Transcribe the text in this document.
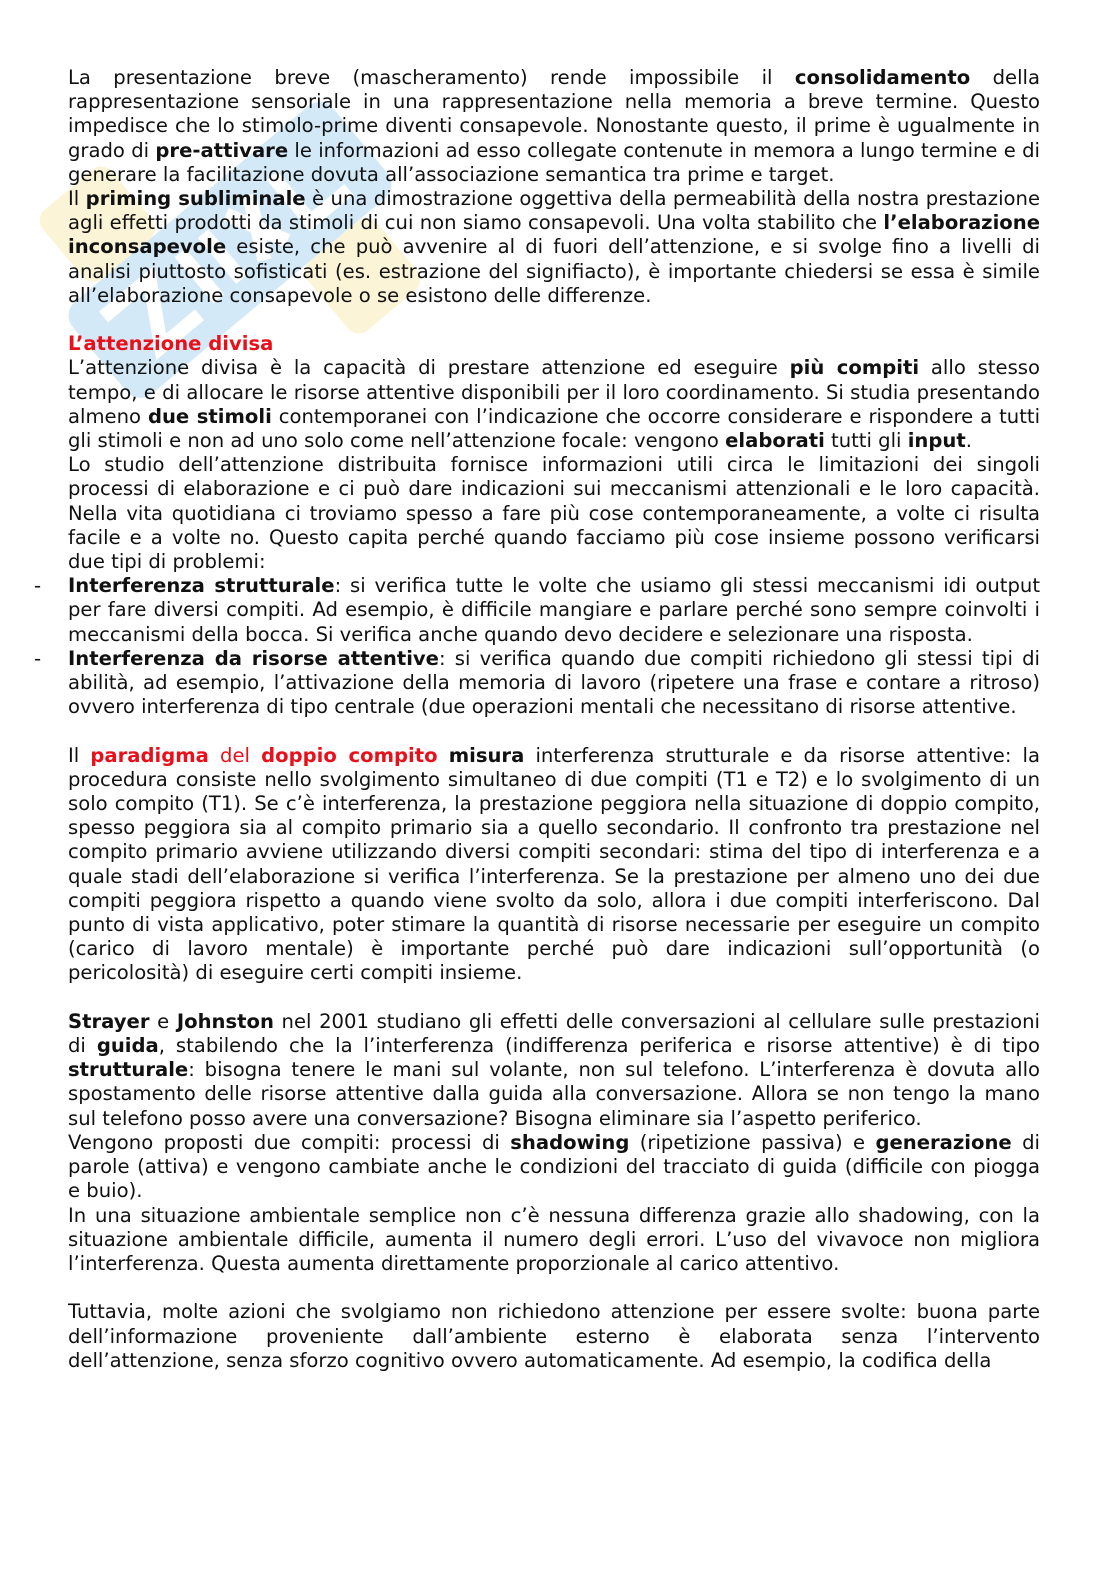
La presentazione breve (mascheramento) rende impossibile il consolidamento della rappresentazione sensoriale in una rappresentazione nella memoria a breve termine. Questo impedisce che lo stimolo-prime diventi consapevole. Nonostante questo, il prime è ugualmente in grado di pre-attivare le informazioni ad esso collegate contenute in memora a lungo termine e di generare la facilitazione dovuta all’associazione semantica tra prime e target.

Il priming subliminale è una dimostrazione oggettiva della permeabilità della nostra prestazione agli effetti prodotti da stimoli di cui non siamo consapevoli. Una volta stabilito che l’elaborazione inconsapevole esiste, che può avvenire al di fuori dell’attenzione, e si svolge fino a livelli di analisi piuttosto sofisticati (es. estrazione del signifiacto), è importante chiedersi se essa è simile all’elaborazione consapevole o se esistono delle differenze.

L’attenzione divisa

L’attenzione divisa è la capacità di prestare attenzione ed eseguire più compiti allo stesso tempo, e di allocare le risorse attentive disponibili per il loro coordinamento. Si studia presentando almeno due stimoli contemporanei con l’indicazione che occorre considerare e rispondere a tutti gli stimoli e non ad uno solo come nell’attenzione focale: vengono elaborati tutti gli input.

Lo studio dell’attenzione distribuita fornisce informazioni utili circa le limitazioni dei singoli processi di elaborazione e ci può dare indicazioni sui meccanismi attenzionali e le loro capacità. Nella vita quotidiana ci troviamo spesso a fare più cose contemporaneamente, a volte ci risulta facile e a volte no. Questo capita perché quando facciamo più cose insieme possono verificarsi due tipi di problemi:

- Interferenza strutturale: si verifica tutte le volte che usiamo gli stessi meccanismi idi output per fare diversi compiti. Ad esempio, è difficile mangiare e parlare perché sono sempre coinvolti i meccanismi della bocca. Si verifica anche quando devo decidere e selezionare una risposta.
- Interferenza da risorse attentive: si verifica quando due compiti richiedono gli stessi tipi di abilità, ad esempio, l’attivazione della memoria di lavoro (ripetere una frase e contare a ritroso) ovvero interferenza di tipo centrale (due operazioni mentali che necessitano di risorse attentive.

Il paradigma del doppio compito misura interferenza strutturale e da risorse attentive: la procedura consiste nello svolgimento simultaneo di due compiti (T1 e T2) e lo svolgimento di un solo compito (T1). Se c’è interferenza, la prestazione peggiora nella situazione di doppio compito, spesso peggiora sia al compito primario sia a quello secondario. Il confronto tra prestazione nel compito primario avviene utilizzando diversi compiti secondari: stima del tipo di interferenza e a quale stadi dell’elaborazione si verifica l’interferenza. Se la prestazione per almeno uno dei due compiti peggiora rispetto a quando viene svolto da solo, allora i due compiti interferiscono. Dal punto di vista applicativo, poter stimare la quantità di risorse necessarie per eseguire un compito (carico di lavoro mentale) è importante perché può dare indicazioni sull’opportunità (o pericolosità) di eseguire certi compiti insieme.

Strayer e Johnston nel 2001 studiano gli effetti delle conversazioni al cellulare sulle prestazioni di guida, stabilendo che la l’interferenza (indifferenza periferica e risorse attentive) è di tipo strutturale: bisogna tenere le mani sul volante, non sul telefono. L’interferenza è dovuta allo spostamento delle risorse attentive dalla guida alla conversazione. Allora se non tengo la mano sul telefono posso avere una conversazione? Bisogna eliminare sia l’aspetto periferico.

Vengono proposti due compiti: processi di shadowing (ripetizione passiva) e generazione di parole (attiva) e vengono cambiate anche le condizioni del tracciato di guida (difficile con piogga e buio).

In una situazione ambientale semplice non c’è nessuna differenza grazie allo shadowing, con la situazione ambientale difficile, aumenta il numero degli errori. L’uso del vivavoce non migliora l’interferenza. Questa aumenta direttamente proporzionale al carico attentivo.

Tuttavia, molte azioni che svolgiamo non richiedono attenzione per essere svolte: buona parte dell’informazione proveniente dall’ambiente esterno è elaborata senza l’intervento dell’attenzione, senza sforzo cognitivo ovvero automaticamente. Ad esempio, la codifica della
